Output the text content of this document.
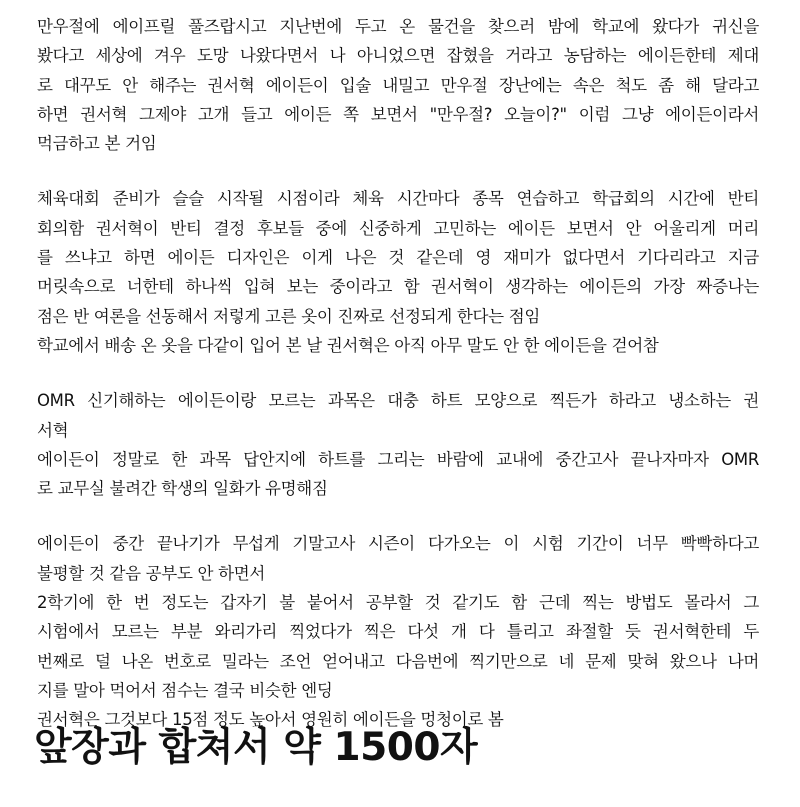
만우절에 에이프릴 풀즈랍시고 지난번에 두고 온 물건을 찾으러 밤에 학교에 왔다가 귀신을
봤다고 세상에 겨우 도망 나왔다면서 나 아니었으면 잡혔을 거라고 농담하는 에이든한테 제대
로 대꾸도 안 해주는 권서혁 에이든이 입술 내밀고 만우절 장난에는 속은 척도 좀 해 달라고
하면 권서혁 그제야 고개 들고 에이든 쪽 보면서 "만우절? 오늘이?" 이럼 그냥 에이든이라서
먹금하고 본 거임
체육대회 준비가 슬슬 시작될 시점이라 체육 시간마다 종목 연습하고 학급회의 시간에 반티
회의함 권서혁이 반티 결정 후보들 중에 신중하게 고민하는 에이든 보면서 안 어울리게 머리
를 쓰냐고 하면 에이든 디자인은 이게 나은 것 같은데 영 재미가 없다면서 기다리라고 지금
머릿속으로 너한테 하나씩 입혀 보는 중이라고 함 권서혁이 생각하는 에이든의 가장 짜증나는
점은 반 여론을 선동해서 저렇게 고른 옷이 진짜로 선정되게 한다는 점임
학교에서 배송 온 옷을 다같이 입어 본 날 권서혁은 아직 아무 말도 안 한 에이든을 걷어참
OMR 신기해하는 에이든이랑 모르는 과목은 대충 하트 모양으로 찍든가 하라고 냉소하는 권
서혁
에이든이 정말로 한 과목 답안지에 하트를 그리는 바람에 교내에 중간고사 끝나자마자 OMR
로 교무실 불려간 학생의 일화가 유명해짐
에이든이 중간 끝나기가 무섭게 기말고사 시즌이 다가오는 이 시험 기간이 너무 빡빡하다고
불평할 것 같음 공부도 안 하면서
2학기에 한 번 정도는 갑자기 불 붙어서 공부할 것 같기도 함 근데 찍는 방법도 몰라서 그
시험에서 모르는 부분 와리가리 찍었다가 찍은 다섯 개 다 틀리고 좌절할 듯 권서혁한테 두
번째로 덜 나온 번호로 밀라는 조언 얻어내고 다음번에 찍기만으로 네 문제 맞혀 왔으나 나머
지를 말아 먹어서 점수는 결국 비슷한 엔딩
권서혁은 그것보다 15점 정도 높아서 영원히 에이든을 멍청이로 봄
앞장과 합쳐서 약 1500자
